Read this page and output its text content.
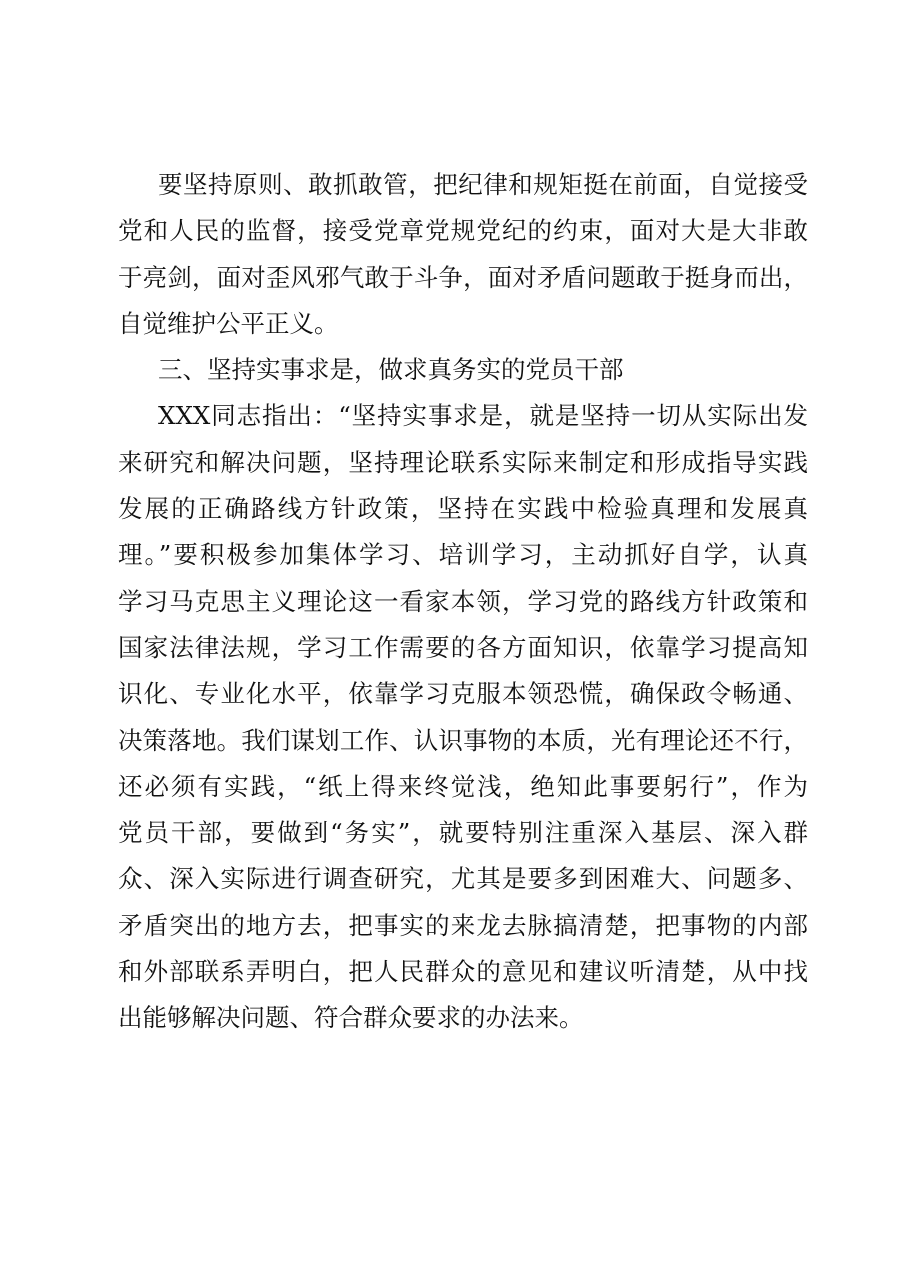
要坚持原则、敢抓敢管，把纪律和规矩挺在前面，自觉接受
党和人民的监督，接受党章党规党纪的约束，面对大是大非敢
于亮剑，面对歪风邪气敢于斗争，面对矛盾问题敢于挺身而出，
自觉维护公平正义。
三、坚持实事求是，做求真务实的党员干部
XXX同志指出：“坚持实事求是，就是坚持一切从实际出发
来研究和解决问题，坚持理论联系实际来制定和形成指导实践
发展的正确路线方针政策，坚持在实践中检验真理和发展真
理。”要积极参加集体学习、培训学习，主动抓好自学，认真
学习马克思主义理论这一看家本领，学习党的路线方针政策和
国家法律法规，学习工作需要的各方面知识，依靠学习提高知
识化、专业化水平，依靠学习克服本领恐慌，确保政令畅通、
决策落地。我们谋划工作、认识事物的本质，光有理论还不行，
还必须有实践，“纸上得来终觉浅，绝知此事要躬行”，作为
党员干部，要做到“务实”，就要特别注重深入基层、深入群
众、深入实际进行调查研究，尤其是要多到困难大、问题多、
矛盾突出的地方去，把事实的来龙去脉搞清楚，把事物的内部
和外部联系弄明白，把人民群众的意见和建议听清楚，从中找
出能够解决问题、符合群众要求的办法来。
